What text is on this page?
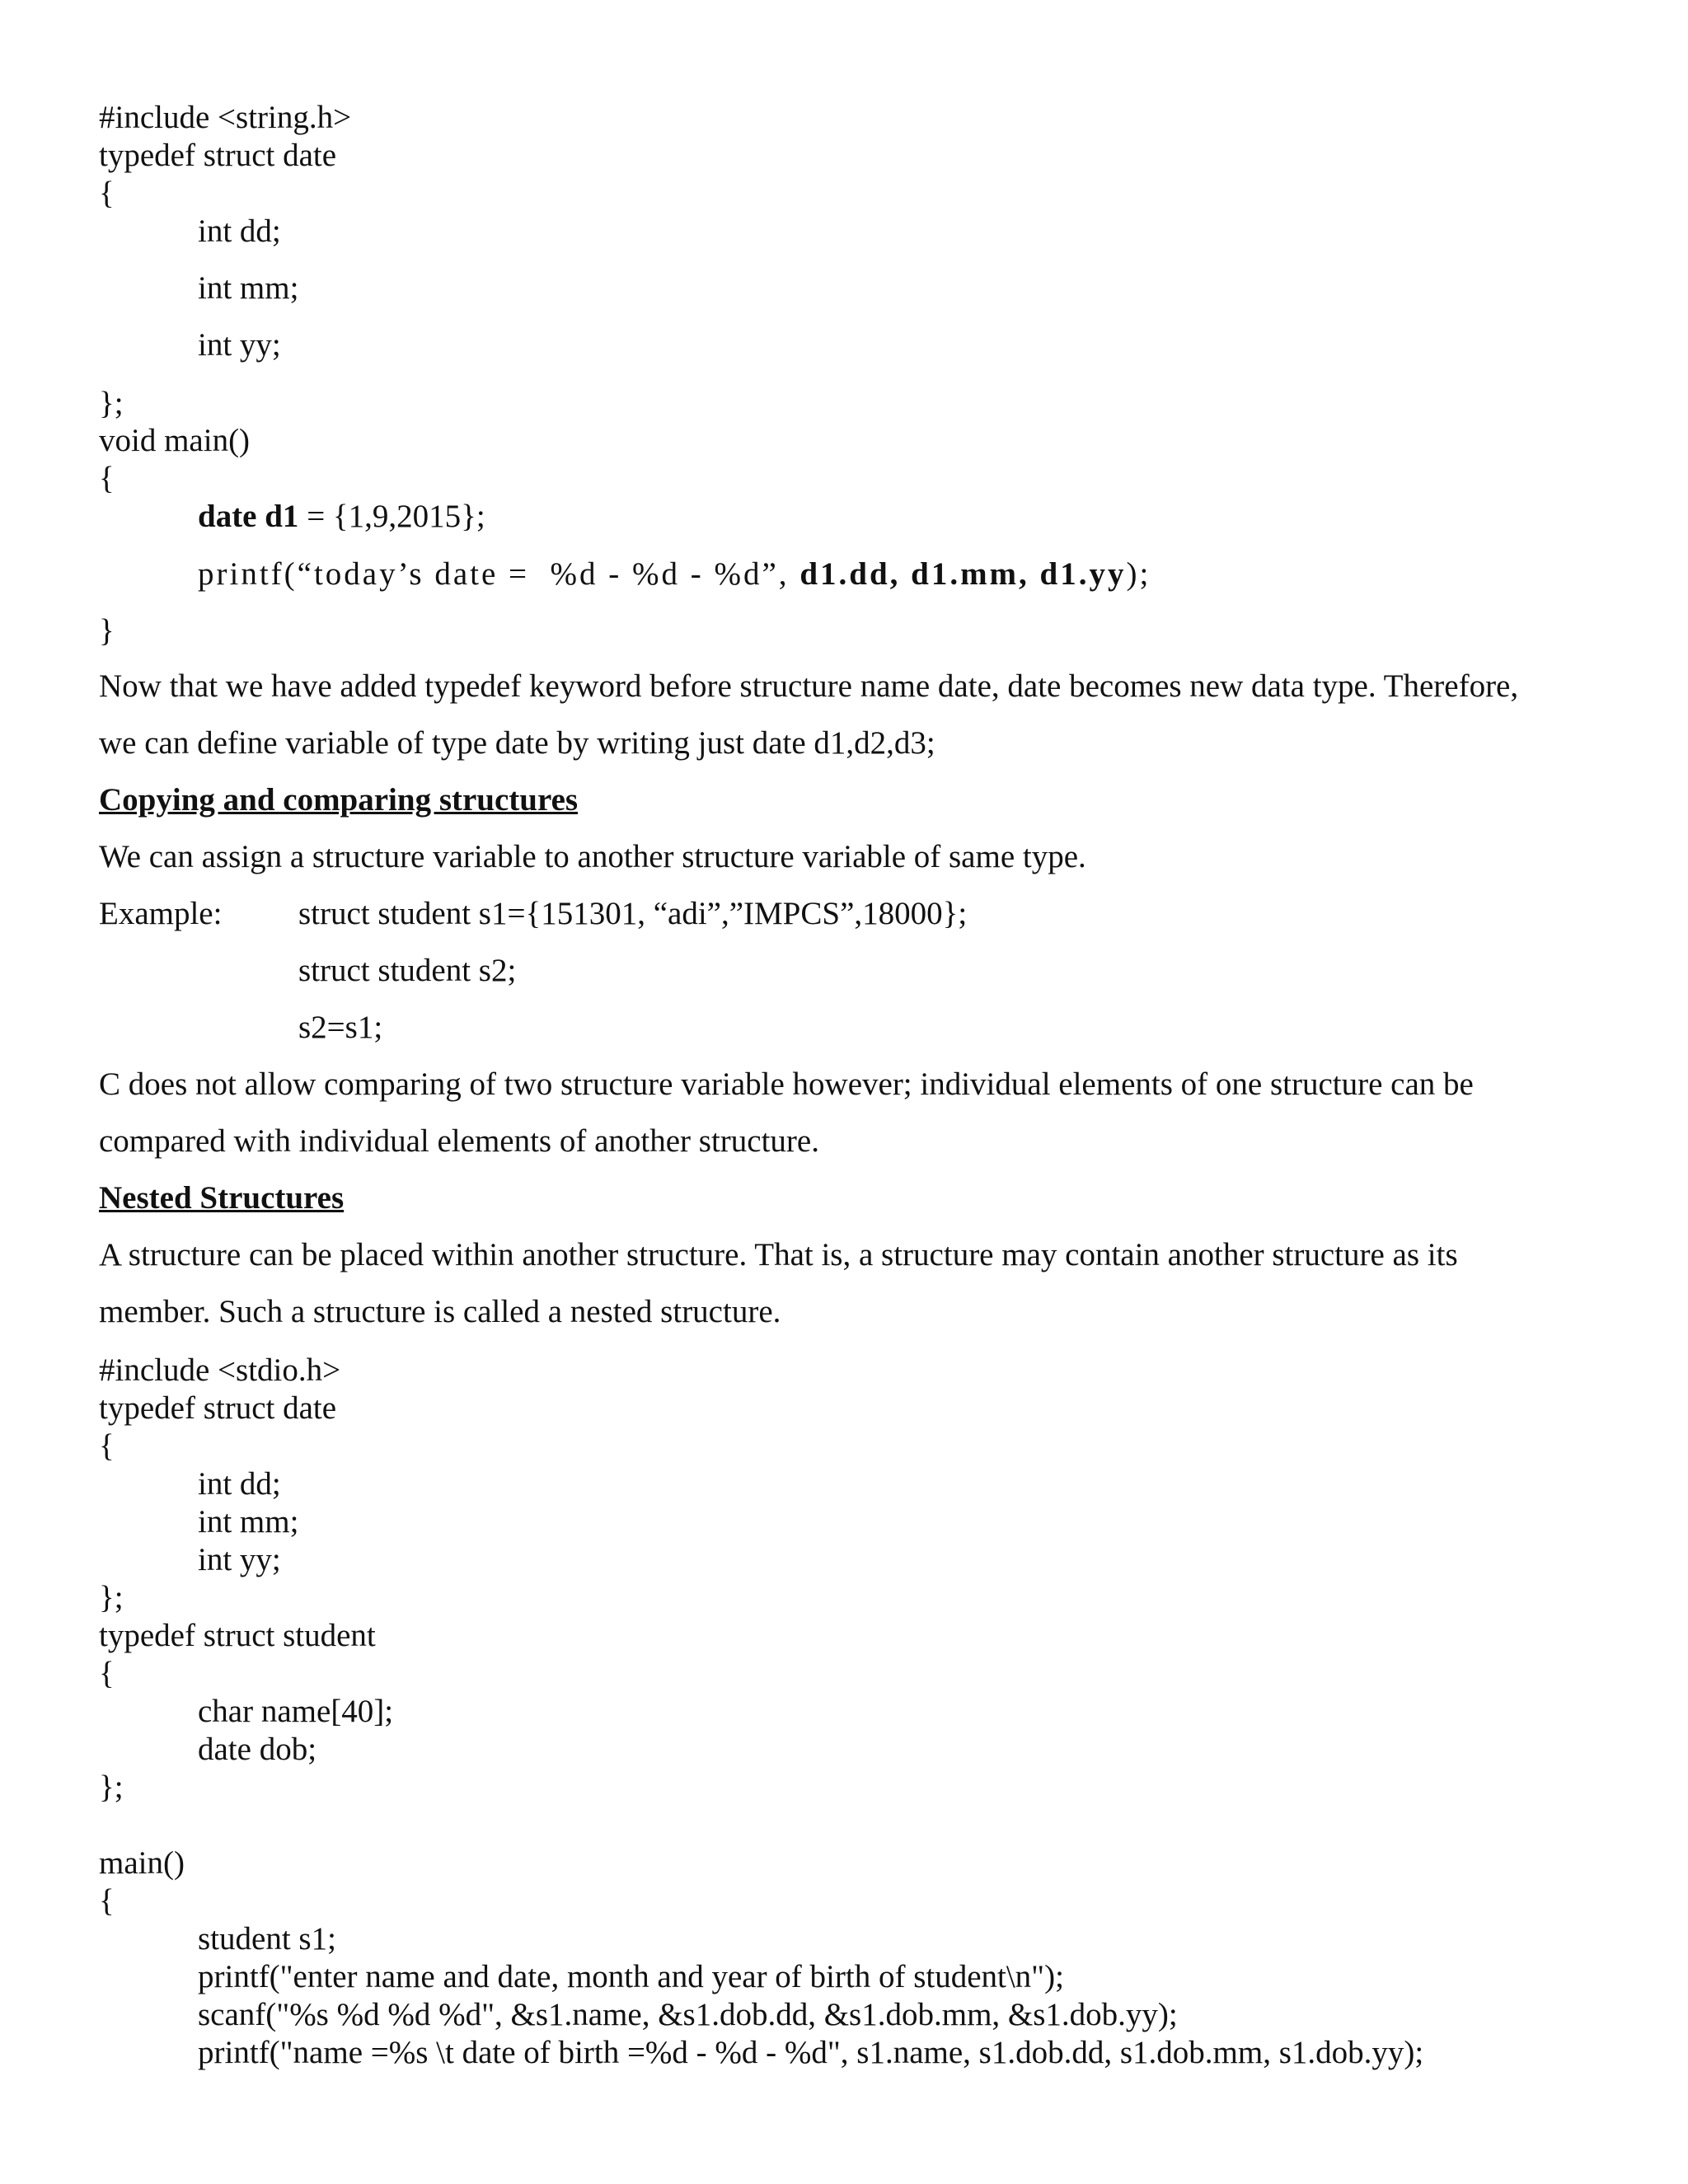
#include <string.h>
typedef struct date
{
int dd;
int mm;
int yy;
};
void main()
{
date d1 = {1,9,2015};
printf(“today’s date =  %d - %d - %d”, d1.dd, d1.mm, d1.yy);
}
Now that we have added typedef keyword before structure name date, date becomes new data type. Therefore,
we can define variable of type date by writing just date d1,d2,d3;
Copying and comparing structures
We can assign a structure variable to another structure variable of same type.
Example: struct student s1={151301, “adi”,”IMPCS”,18000};
struct student s2;
s2=s1;
C does not allow comparing of two structure variable however; individual elements of one structure can be
compared with individual elements of another structure.
Nested Structures
A structure can be placed within another structure. That is, a structure may contain another structure as its
member. Such a structure is called a nested structure.
#include <stdio.h>
typedef struct date
{
int dd;
int mm;
int yy;
};
typedef struct student
{
char name[40];
date dob;
};
main()
{
student s1;
printf("enter name and date, month and year of birth of student\n");
scanf("%s %d %d %d", &s1.name, &s1.dob.dd, &s1.dob.mm, &s1.dob.yy);
printf("name =%s \t date of birth =%d - %d - %d", s1.name, s1.dob.dd, s1.dob.mm, s1.dob.yy);
